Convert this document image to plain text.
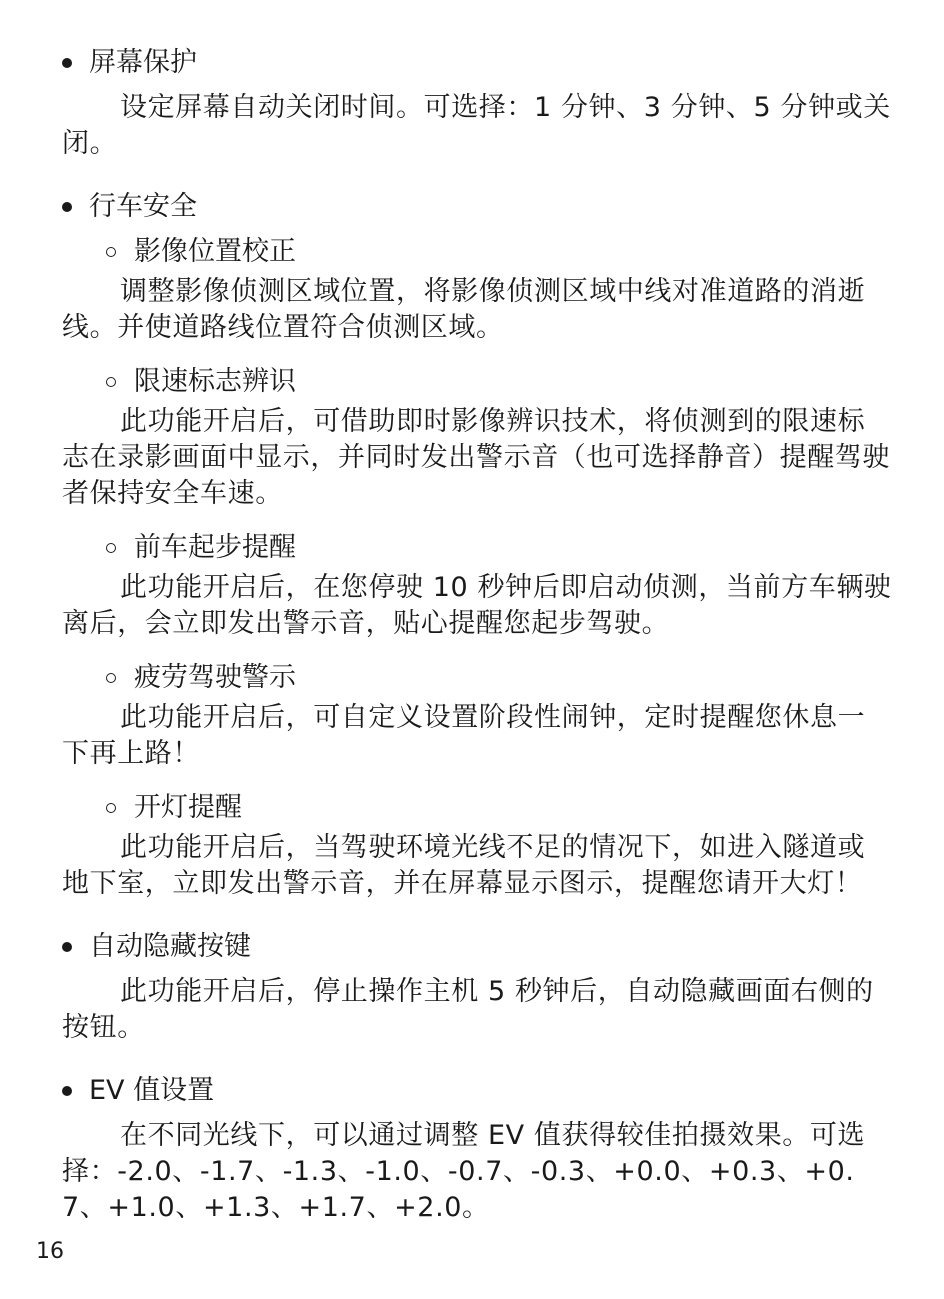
屏幕保护

设定屏幕自动关闭时间。可选择：1 分钟、3 分钟、5 分钟或关闭。

行车安全
影像位置校正

调整影像侦测区域位置，将影像侦测区域中线对准道路的消逝线。并使道路线位置符合侦测区域。

限速标志辨识

此功能开启后，可借助即时影像辨识技术，将侦测到的限速标志在录影画面中显示，并同时发出警示音（也可选择静音）提醒驾驶者保持安全车速。

前车起步提醒

此功能开启后，在您停驶 10 秒钟后即启动侦测，当前方车辆驶离后，会立即发出警示音，贴心提醒您起步驾驶。

疲劳驾驶警示

此功能开启后，可自定义设置阶段性闹钟，定时提醒您休息一下再上路！

开灯提醒

此功能开启后，当驾驶环境光线不足的情况下，如进入隧道或地下室，立即发出警示音，并在屏幕显示图示，提醒您请开大灯！

自动隐藏按键

此功能开启后，停止操作主机 5 秒钟后，自动隐藏画面右侧的按钮。

EV 值设置

在不同光线下，可以通过调整 EV 值获得较佳拍摄效果。可选择：-2.0、-1.7、-1.3、-1.0、-0.7、-0.3、+0.0、+0.3、+0.7、+1.0、+1.3、+1.7、+2.0。

16
